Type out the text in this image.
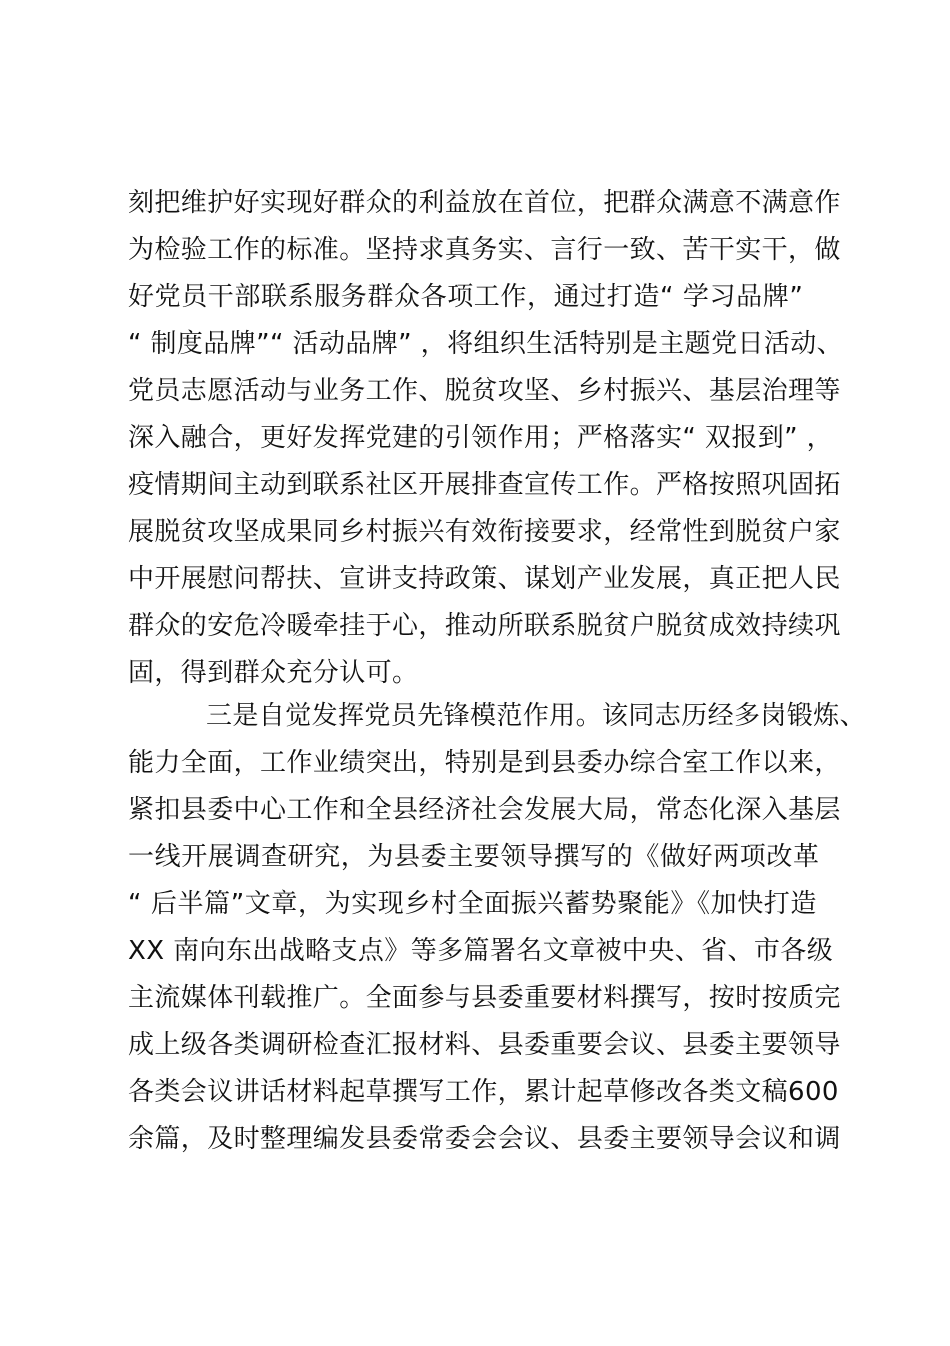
刻把维护好实现好群众的利益放在首位，把群众满意不满意作
为检验工作的标准。坚持求真务实、言行一致、苦干实干，做
好党员干部联系服务群众各项工作，通过打造“ 学习品牌”
“ 制度品牌”“ 活动品牌” ，将组织生活特别是主题党日活动、
党员志愿活动与业务工作、脱贫攻坚、乡村振兴、基层治理等
深入融合，更好发挥党建的引领作用；严格落实“ 双报到” ，
疫情期间主动到联系社区开展排查宣传工作。严格按照巩固拓
展脱贫攻坚成果同乡村振兴有效衔接要求，经常性到脱贫户家
中开展慰问帮扶、宣讲支持政策、谋划产业发展，真正把人民
群众的安危冷暖牵挂于心，推动所联系脱贫户脱贫成效持续巩
固，得到群众充分认可。
三是自觉发挥党员先锋模范作用。该同志历经多岗锻炼、
能力全面，工作业绩突出，特别是到县委办综合室工作以来，
紧扣县委中心工作和全县经济社会发展大局，常态化深入基层
一线开展调查研究，为县委主要领导撰写的《做好两项改革
“ 后半篇”文章，为实现乡村全面振兴蓄势聚能》《加快打造
XX 南向东出战略支点》等多篇署名文章被中央、省、市各级
主流媒体刊载推广。全面参与县委重要材料撰写，按时按质完
成上级各类调研检查汇报材料、县委重要会议、县委主要领导
各类会议讲话材料起草撰写工作，累计起草修改各类文稿600
余篇，及时整理编发县委常委会会议、县委主要领导会议和调
